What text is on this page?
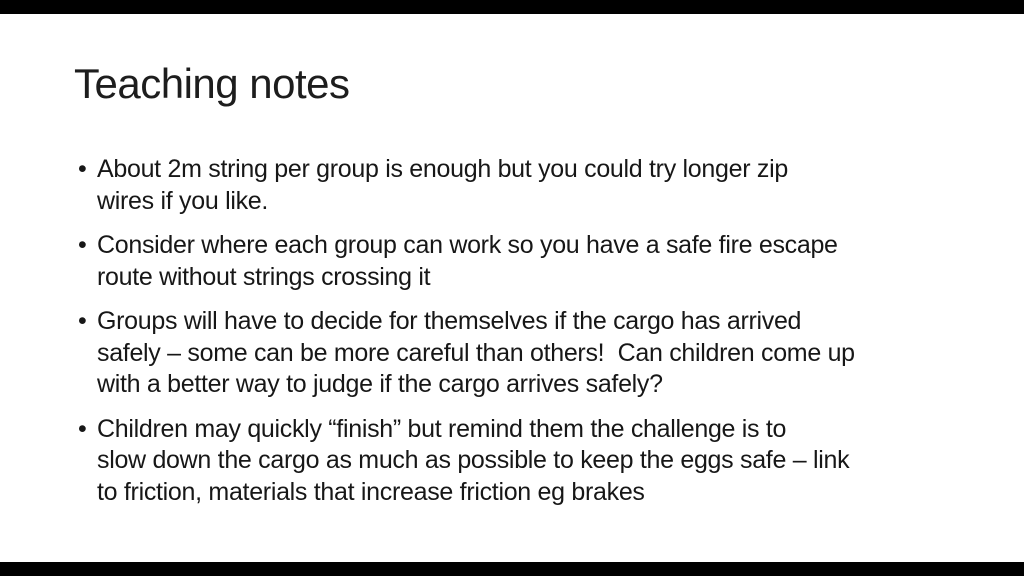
Teaching notes
• About 2m string per group is enough but you could try longer zip
wires if you like.
• Consider where each group can work so you have a safe fire escape
route without strings crossing it
• Groups will have to decide for themselves if the cargo has arrived
safely – some can be more careful than others!  Can children come up
with a better way to judge if the cargo arrives safely?
• Children may quickly “finish” but remind them the challenge is to
slow down the cargo as much as possible to keep the eggs safe – link
to friction, materials that increase friction eg brakes
